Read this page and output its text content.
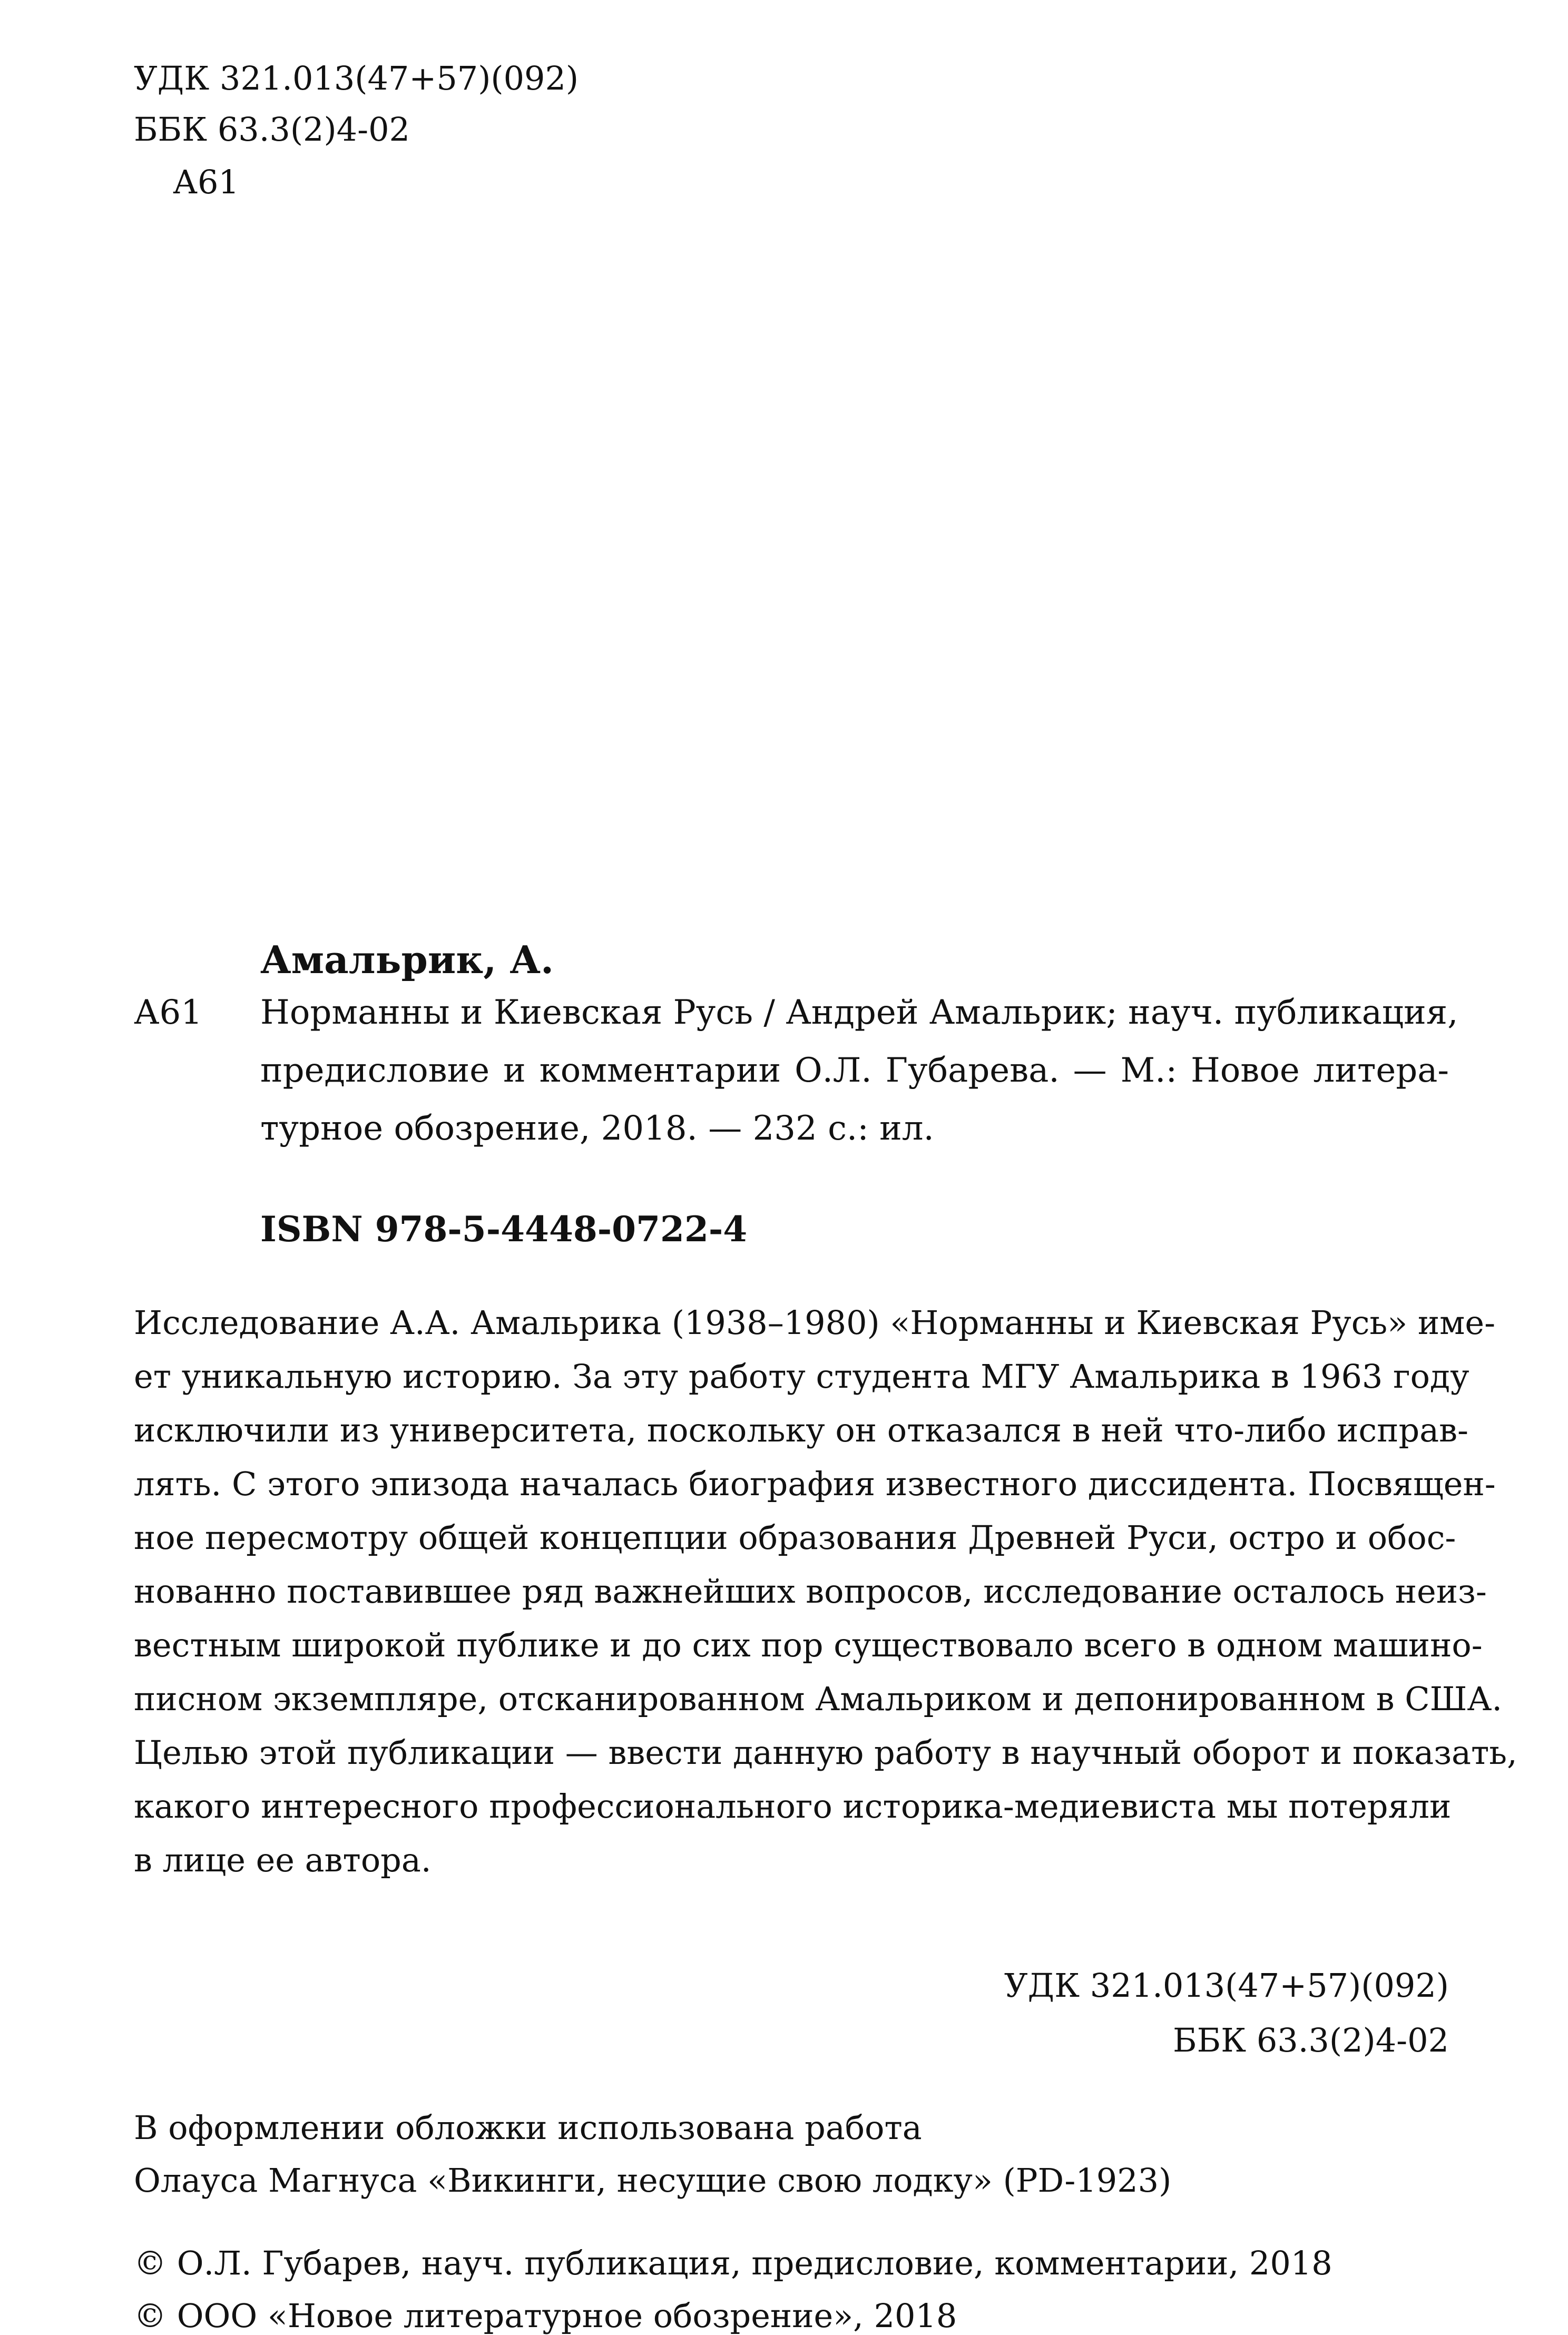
УДК 321.013(47+57)(092)
ББК 63.3(2)4-02
А61
Амальрик, А.
А61 Норманны и Киевская Русь / Андрей Амальрик; науч. публикация,
предисловие и комментарии О.Л. Губарева. — М.: Новое литера-
турное обозрение, 2018. — 232 с.: ил.
ISBN 978-5-4448-0722-4
Исследование А.А. Амальрика (1938–1980) «Норманны и Киевская Русь» име-
ет уникальную историю. За эту работу студента МГУ Амальрика в 1963 году
исключили из университета, поскольку он отказался в ней что-либо исправ-
лять. С этого эпизода началась биография известного диссидента. Посвящен-
ное пересмотру общей концепции образования Древней Руси, остро и обос-
нованно поставившее ряд важнейших вопросов, исследование осталось неиз-
вестным широкой публике и до сих пор существовало всего в одном машино-
писном экземпляре, отсканированном Амальриком и депонированном в США.
Целью этой публикации — ввести данную работу в научный оборот и показать,
какого интересного профессионального историка-медиевиста мы потеряли
в лице ее автора.
УДК 321.013(47+57)(092)
ББК 63.3(2)4-02
В оформлении обложки использована работа
Олауса Магнуса «Викинги, несущие свою лодку» (PD-1923)
© О.Л. Губарев, науч. публикация, предисловие, комментарии, 2018
© ООО «Новое литературное обозрение», 2018
